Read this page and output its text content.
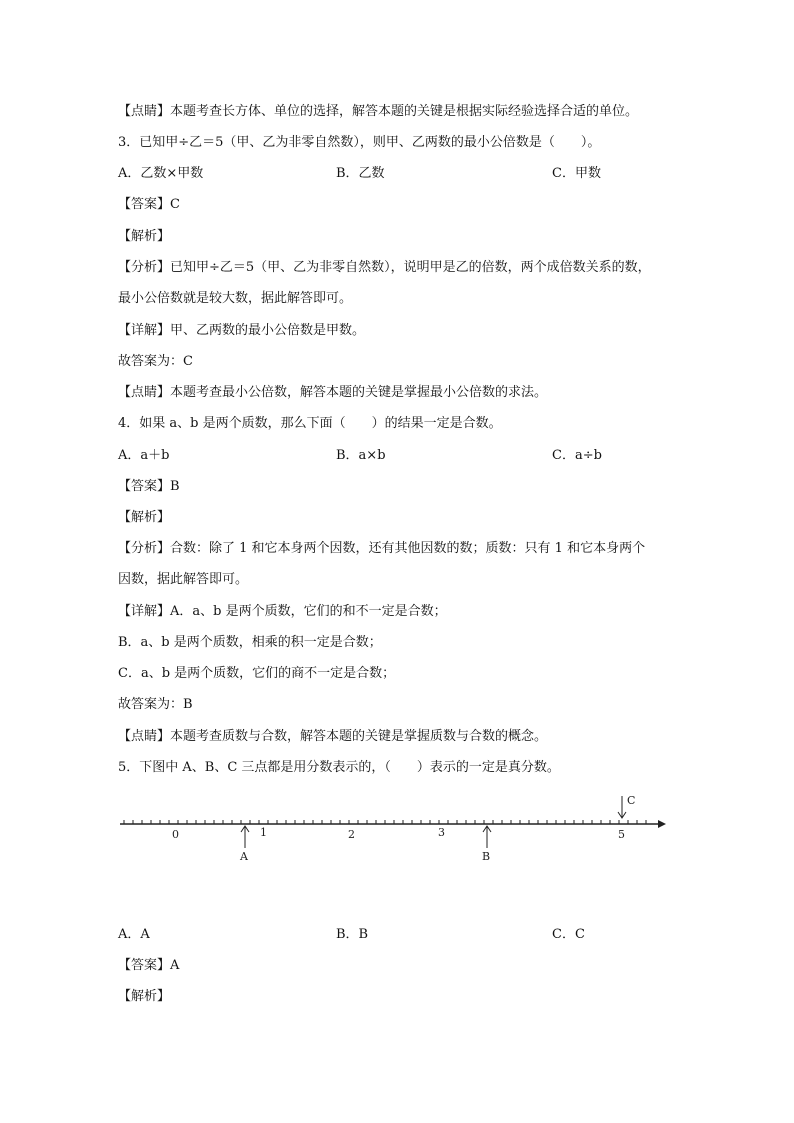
【点睛】本题考查长方体、单位的选择，解答本题的关键是根据实际经验选择合适的单位。
3．已知甲÷乙＝5（甲、乙为非零自然数），则甲、乙两数的最小公倍数是（　　）。
A．乙数×甲数	B．乙数	C．甲数
【答案】C
【解析】
【分析】已知甲÷乙＝5（甲、乙为非零自然数），说明甲是乙的倍数，两个成倍数关系的数，
最小公倍数就是较大数，据此解答即可。
【详解】甲、乙两数的最小公倍数是甲数。
故答案为：C
【点睛】本题考查最小公倍数，解答本题的关键是掌握最小公倍数的求法。
4．如果 a、b 是两个质数，那么下面（　　）的结果一定是合数。
A．a＋b	B．a×b	C．a÷b
【答案】B
【解析】
【分析】合数：除了 1 和它本身两个因数，还有其他因数的数；质数：只有 1 和它本身两个
因数，据此解答即可。
【详解】A．a、b 是两个质数，它们的和不一定是合数；
B．a、b 是两个质数，相乘的积一定是合数；
C．a、b 是两个质数，它们的商不一定是合数；
故答案为：B
【点睛】本题考查质数与合数，解答本题的关键是掌握质数与合数的概念。
5．下图中 A、B、C 三点都是用分数表示的，（　　）表示的一定是真分数。
0	1	2	3	5
A	B
C
A．A	B．B	C．C
【答案】A
【解析】
